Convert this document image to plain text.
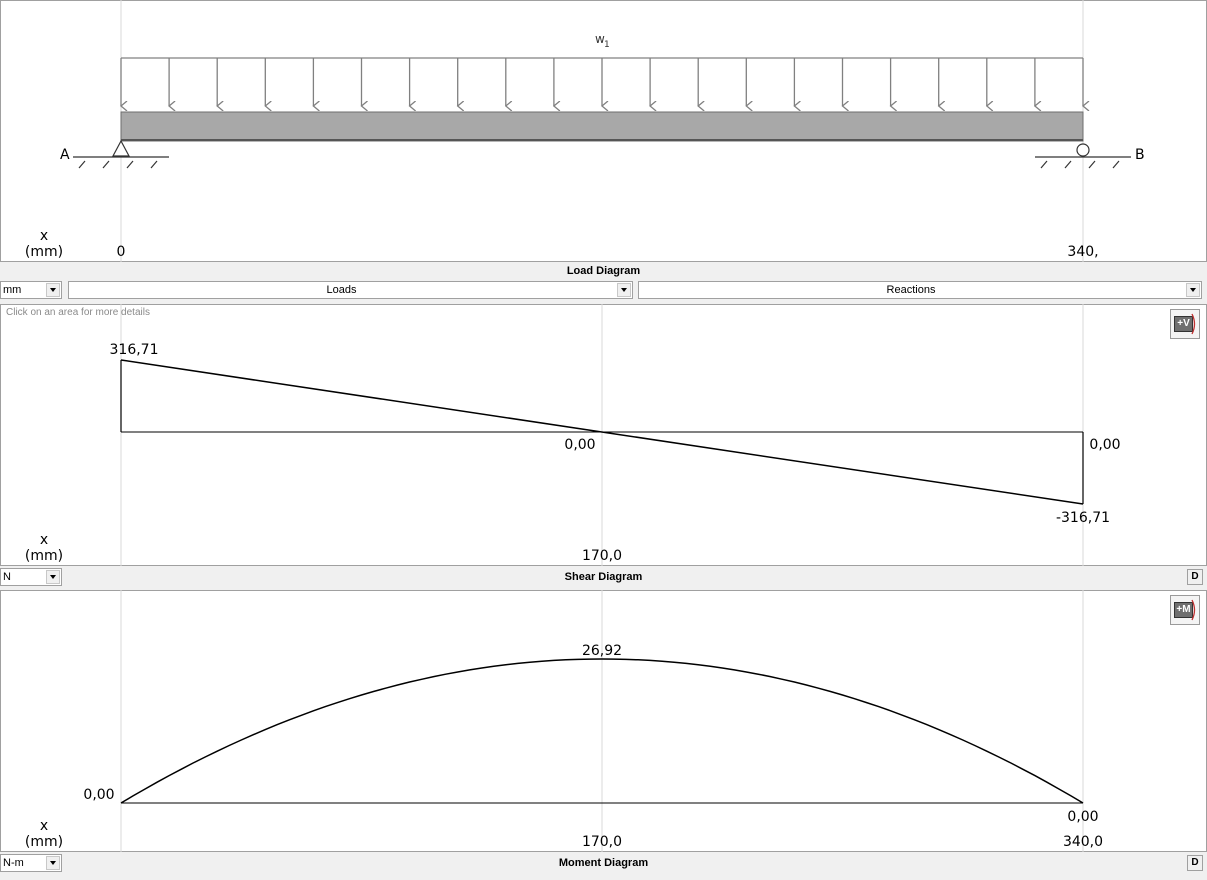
w 1
A	B
x
(mm)	0	340,
Load Diagram
mm	Loads	Reactions
316,71
0,00	0,00
-316,71
x
(mm)	170,0
Click on an area for more details
+V
N	Shear Diagram	D
26,92
0,00
0,00
x
(mm)	170,0	340,0
+M
N-m	Moment Diagram	D
